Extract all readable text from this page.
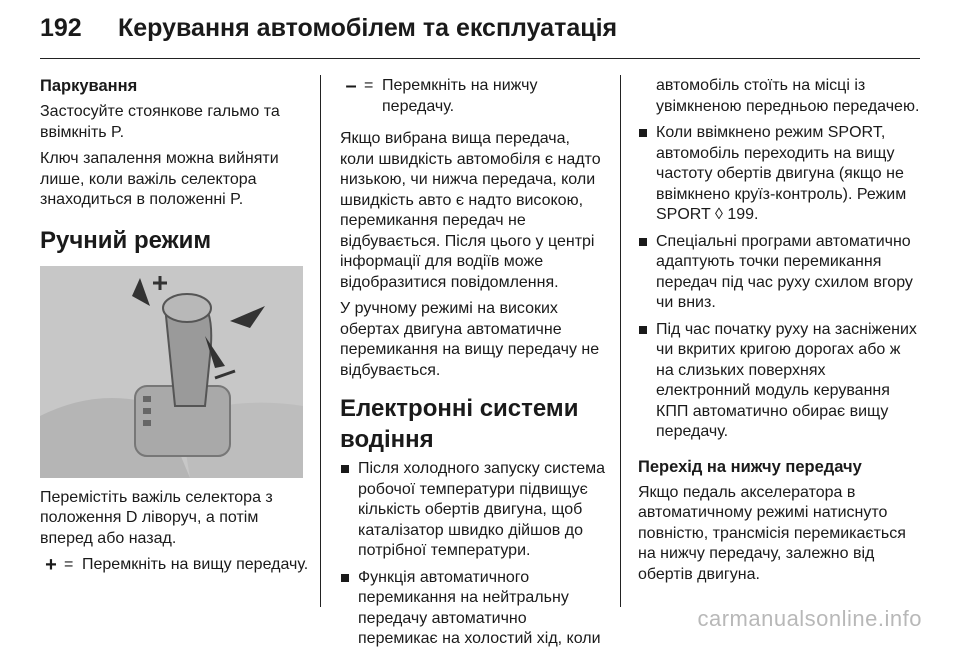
192 Керування автомобілем та експлуатація

Паркування

Застосуйте стоянкове гальмо та ввімкніть P.

Ключ запалення можна вийняти лише, коли важіль селектора знаходиться в положенні P.

Ручний режим

Перемістіть важіль селектора з положення D ліворуч, а потім вперед або назад.

+ = Перемкніть на вищу передачу.
– = Перемкніть на нижчу передачу.

Якщо вибрана вища передача, коли швидкість автомобіля є надто низькою, чи нижча передача, коли швидкість авто є надто високою, перемикання передач не відбувається. Після цього у центрі інформації для водіїв може відобразитися повідомлення.

У ручному режимі на високих обертах двигуна автоматичне перемикання на вищу передачу не відбувається.

Електронні системи водіння

Після холодного запуску система робочої температури підвищує кількість обертів двигуна, щоб каталізатор швидко дійшов до потрібної температури.

Функція автоматичного перемикання на нейтральну передачу автоматично перемикає на холостий хід, коли

автомобіль стоїть на місці із увімкненою передньою передачею.

Коли ввімкнено режим SPORT, автомобіль переходить на вищу частоту обертів двигуна (якщо не ввімкнено круїз-контроль). Режим SPORT ◊ 199.

Спеціальні програми автоматично адаптують точки перемикання передач під час руху схилом вгору чи вниз.

Під час початку руху на засніжених чи вкритих кригою дорогах або ж на слизьких поверхнях електронний модуль керування КПП автоматично обирає вищу передачу.

Перехід на нижчу передачу

Якщо педаль акселератора в автоматичному режимі натиснуто повністю, трансмісія перемикається на нижчу передачу, залежно від обертів двигуна.

carmanualsonline.info
